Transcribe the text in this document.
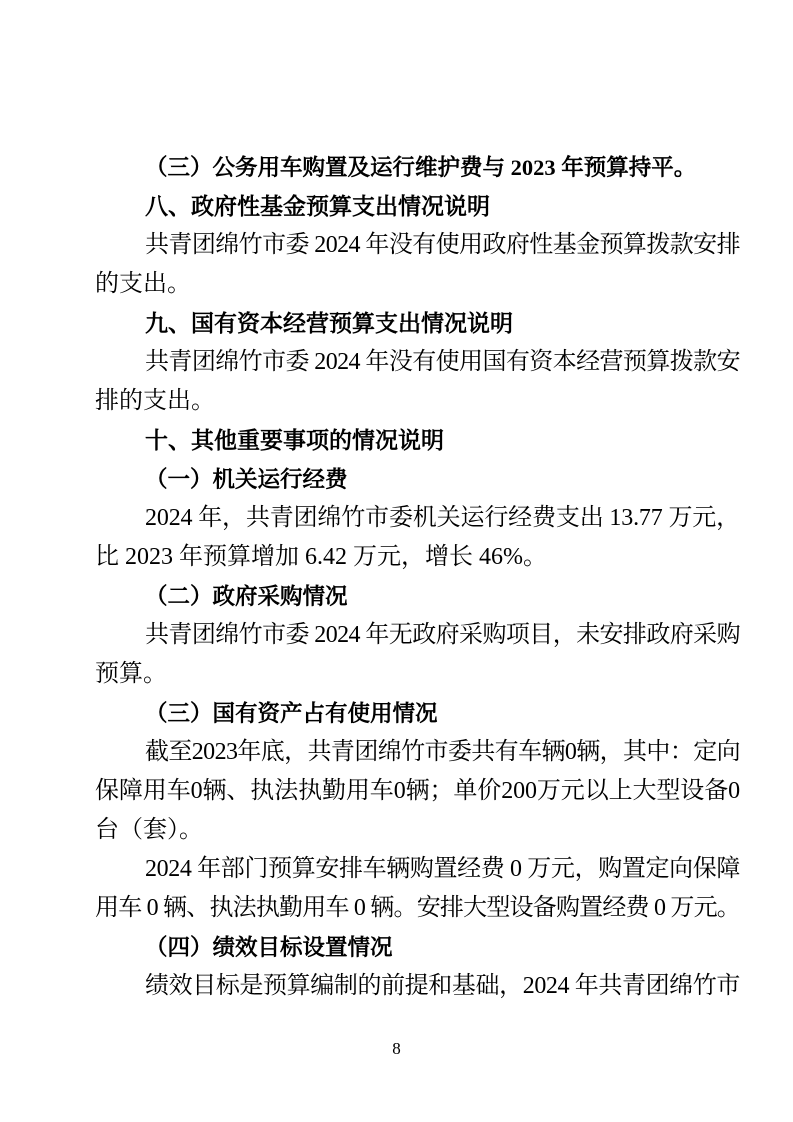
（三）公务用车购置及运行维护费与 2023 年预算持平。
八、政府性基金预算支出情况说明
共青团绵竹市委 2024 年没有使用政府性基金预算拨款安排
的支出。
九、国有资本经营预算支出情况说明
共青团绵竹市委 2024 年没有使用国有资本经营预算拨款安
排的支出。
十、其他重要事项的情况说明
（一）机关运行经费
2024 年，共青团绵竹市委机关运行经费支出 13.77 万元，
比 2023 年预算增加 6.42 万元，增长 46%。
（二）政府采购情况
共青团绵竹市委 2024 年无政府采购项目，未安排政府采购
预算。
（三）国有资产占有使用情况
截至2023年底，共青团绵竹市委共有车辆0辆，其中：定向
保障用车0辆、执法执勤用车0辆；单价200万元以上大型设备0
台（套）。
2024 年部门预算安排车辆购置经费 0 万元，购置定向保障
用车 0 辆、执法执勤用车 0 辆。安排大型设备购置经费 0 万元。
（四）绩效目标设置情况
绩效目标是预算编制的前提和基础，2024 年共青团绵竹市
8
